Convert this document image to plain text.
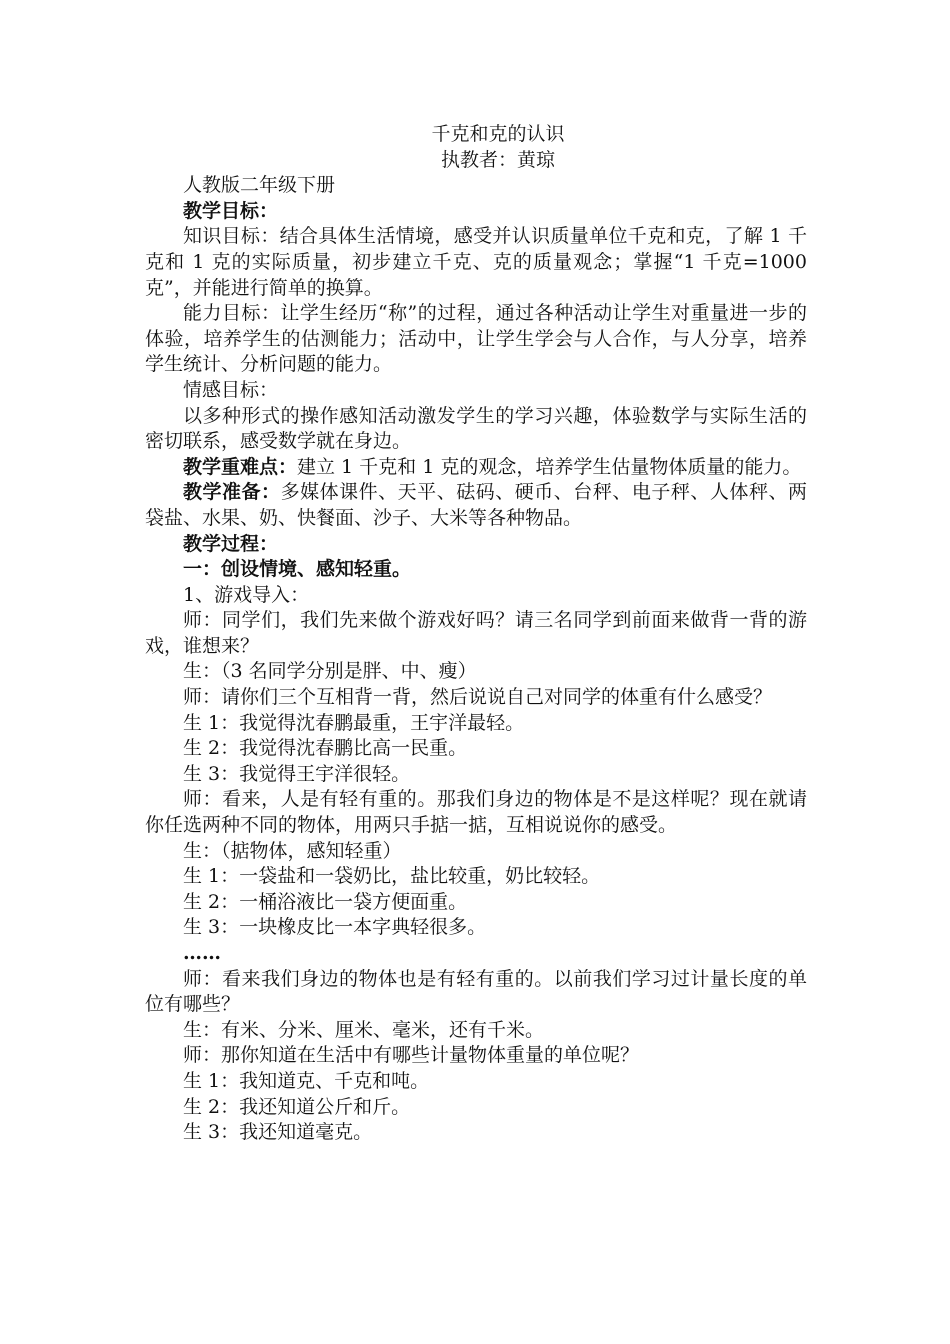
千克和克的认识
执教者：黄琼

人教版二年级下册

教学目标：

知识目标：结合具体生活情境，感受并认识质量单位千克和克，了解 1 千克和 1 克的实际质量，初步建立千克、克的质量观念；掌握“1 千克=1000 克”，并能进行简单的换算。

能力目标：让学生经历“称”的过程，通过各种活动让学生对重量进一步的体验，培养学生的估测能力；活动中，让学生学会与人合作，与人分享，培养学生统计、分析问题的能力。

情感目标：

以多种形式的操作感知活动激发学生的学习兴趣，体验数学与实际生活的密切联系，感受数学就在身边。

教学重难点：建立 1 千克和 1 克的观念，培养学生估量物体质量的能力。

教学准备：多媒体课件、天平、砝码、硬币、台秤、电子秤、人体秤、两袋盐、水果、奶、快餐面、沙子、大米等各种物品。

教学过程：

一：创设情境、感知轻重。

1、游戏导入：

师：同学们，我们先来做个游戏好吗？请三名同学到前面来做背一背的游戏，谁想来？

生：（3 名同学分别是胖、中、瘦）

师：请你们三个互相背一背，然后说说自己对同学的体重有什么感受？

生 1：我觉得沈春鹏最重，王宇洋最轻。

生 2：我觉得沈春鹏比高一民重。

生 3：我觉得王宇洋很轻。

师：看来，人是有轻有重的。那我们身边的物体是不是这样呢？现在就请你任选两种不同的物体，用两只手掂一掂，互相说说你的感受。

生：（掂物体，感知轻重）

生 1：一袋盐和一袋奶比，盐比较重，奶比较轻。

生 2：一桶浴液比一袋方便面重。

生 3：一块橡皮比一本字典轻很多。

……

师：看来我们身边的物体也是有轻有重的。以前我们学习过计量长度的单位有哪些？

生：有米、分米、厘米、毫米，还有千米。

师：那你知道在生活中有哪些计量物体重量的单位呢？

生 1：我知道克、千克和吨。

生 2：我还知道公斤和斤。

生 3：我还知道毫克。
